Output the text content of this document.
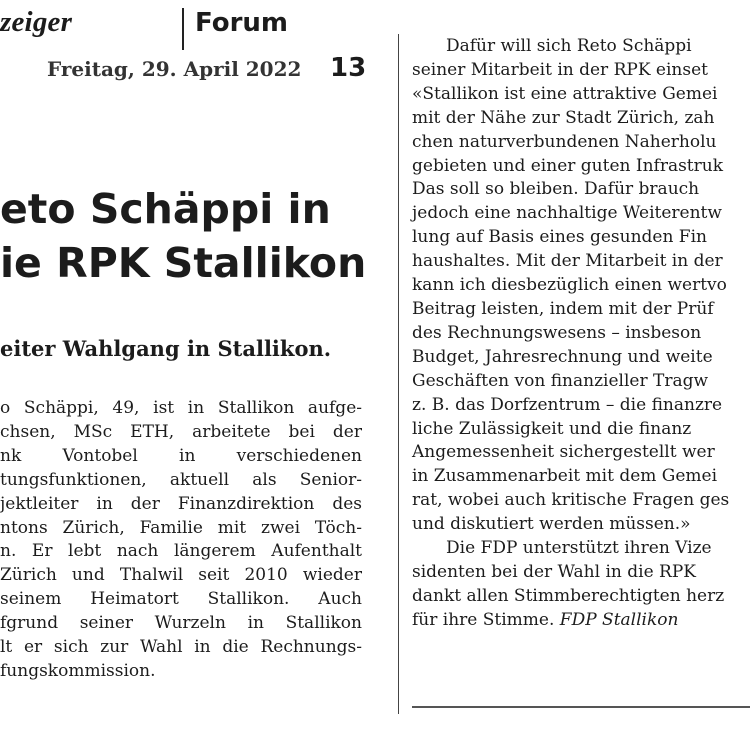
zeiger	Forum
Freitag, 29. April 2022 13
eto Schäppi in
ie RPK Stallikon
eiter Wahlgang in Stallikon.
o Schäppi, 49, ist in Stallikon aufge-
chsen, MSc ETH, arbeitete bei der
nk Vontobel in verschiedenen
tungsfunktionen, aktuell als Senior-
jektleiter in der Finanzdirektion des
ntons Zürich, Familie mit zwei Töch-
n. Er lebt nach längerem Aufenthalt
Zürich und Thalwil seit 2010 wieder
seinem Heimatort Stallikon. Auch
fgrund seiner Wurzeln in Stallikon
lt er sich zur Wahl in die Rechnungs-
fungskommission.
Dafür will sich Reto Schäppi
seiner Mitarbeit in der RPK einset
«Stallikon ist eine attraktive Gemei
mit der Nähe zur Stadt Zürich, zah
chen naturverbundenen Naherholu
gebieten und einer guten Infrastruk
Das soll so bleiben. Dafür brauch
jedoch eine nachhaltige Weiterentw
lung auf Basis eines gesunden Fin
haushaltes. Mit der Mitarbeit in der
kann ich diesbezüglich einen wertvo
Beitrag leisten, indem mit der Prüf
des Rechnungswesens – insbeson
Budget, Jahresrechnung und weite
Geschäften von finanzieller Tragw
z. B. das Dorfzentrum – die finanzre
liche Zulässigkeit und die finanz
Angemessenheit sichergestellt wer
in Zusammenarbeit mit dem Gemei
rat, wobei auch kritische Fragen ges
und diskutiert werden müssen.»
Die FDP unterstützt ihren Vize
sidenten bei der Wahl in die RPK
dankt allen Stimmberechtigten herz
für ihre Stimme. FDP Stallikon
